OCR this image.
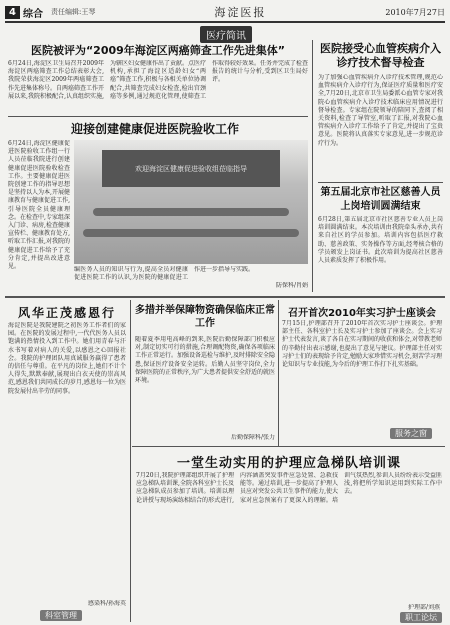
4 综合 责任编辑:王琴	海淀医报	2010年7月27日
医疗简讯
医院被评为“2009年海淀区两癌筛查工作先进集体”
6月24日,海淀区卫生局召开2009年海淀区两癌筛查工作总结表彰大会,我院荣获海淀区2009年两癌筛查工作先进集体称号。自两癌筛查工作开展以来,我院积极配合,认真组织实施,为辖区妇女健康作出了贡献。点医疗机构,承担了海淀区适龄妇女“两癌”筛查工作,积极与各相关单位协调配合,共筛查完成妇女检查,检出宫颈癌等多例,通过规范化管理,使筛查工作取得较好效果。任务并完成了检查报告的统计与分析,受到区卫生局好评。
迎接创建健康促进医院验收工作
6月24日,海淀区健康促进医院验收工作组一行人员莅临我院进行创建健康促进医院验收检查工作。主要健康促进医院创建工作的指导思想是坚持以人为本,开展健康教育与健康促进工作,引导医院全员健康理念。在检查中,专家组深入门诊、病房,检查健康宣传栏、健康教育处方,听取工作汇报,对我院的健康促进工作给予了充分肯定,并提出改进意见。
欢迎海淀区健康促进验收组莅临指导
编医务人员的知识与行为,提高全员对健康促进医院工作的认识,为医院的健康促进工作进一步指导与实践。
防保科/肖娟
医院接受心血管疾病介入诊疗技术督导检查
为了加强心血管疾病介入诊疗技术管理,规范心血管疾病介入诊疗行为,保证医疗质量和医疗安全,7月20日,北京市卫生局委派心血管专家对我院心血管疾病介入诊疗技术临床应用情况进行督导检查。专家组在院领导的陪同下,查阅了相关资料,检查了导管室,听取了汇报,对我院心血管疾病介入诊疗工作给予了肯定,并提出了宝贵意见。医院将认真落实专家意见,进一步规范诊疗行为。
第五届北京市社区慈善人员上岗培训圆满结束
6月28日,第五届北京市社区慈善专业人员上岗培训圆满结束。本次培训由我院牵头承办,共有来自社区的学员参加。培训内容包括医疗救助、慈善政策、实务操作等方面,经考核合格的学员颁发上岗证书。此次培训为提高社区慈善人员素质发挥了积极作用。
风华正茂感恩行
海淀医院是我院建院之初医务工作者们的家园。在医院的发展过程中,一代代医务人员以饱满的热情投入到工作中。她们用青春与汗水书写着对病人的关爱,以感恩之心回报社会。我院的护理团队用真诚服务赢得了患者的信任与尊重。在平凡的岗位上,她们不计个人得失,默默奉献,展现出白衣天使的崇高风范,感恩我们共同成长的岁月,感恩每一位为医院发展付出辛劳的同事。
感染科/孙海英
科室管理
多措并举保障物资确保临床正常工作
随着夏季用电高峰的到来,医院后勤保障部门积极应对,制定切实可行的措施,合理调配物资,确保各项临床工作正常运行。加强设备巡检与维护,及时排除安全隐患,保证医疗设备安全运转。后勤人员坚守岗位,全力保障医院的正常秩序,为广大患者提供安全舒适的就医环境。
后勤保障科/张力
召开首次2010年实习护士座谈会
7月15日,护理部召开了2010年首次实习护士座谈会。护理部主任、各科室护士长及实习护士参加了座谈会。会上实习护士代表发言,谈了各自在实习期间的收获和体会,对带教老师的辛勤付出表示感谢,也提出了意见与建议。护理部主任对实习护士们的表现给予肯定,勉励大家珍惜实习机会,刻苦学习理论知识与专业技能,为今后的护理工作打下扎实基础。
服务之窗
一堂生动实用的护理应急梯队培训课
7月20日,我院护理部组织开展了护理应急梯队培训课,全院各科室护士长及应急梯队成员参加了培训。培训以理论讲授与现场演练相结合的形式进行,内容涵盖突发事件应急处置、急救技能等。通过培训,进一步提高了护理人员应对突发公共卫生事件的能力,使大家对应急预案有了更深入的理解。培训气氛热烈,参训人员纷纷表示受益匪浅,将把所学知识运用到实际工作中去。
护理部/刘燕
职工论坛
